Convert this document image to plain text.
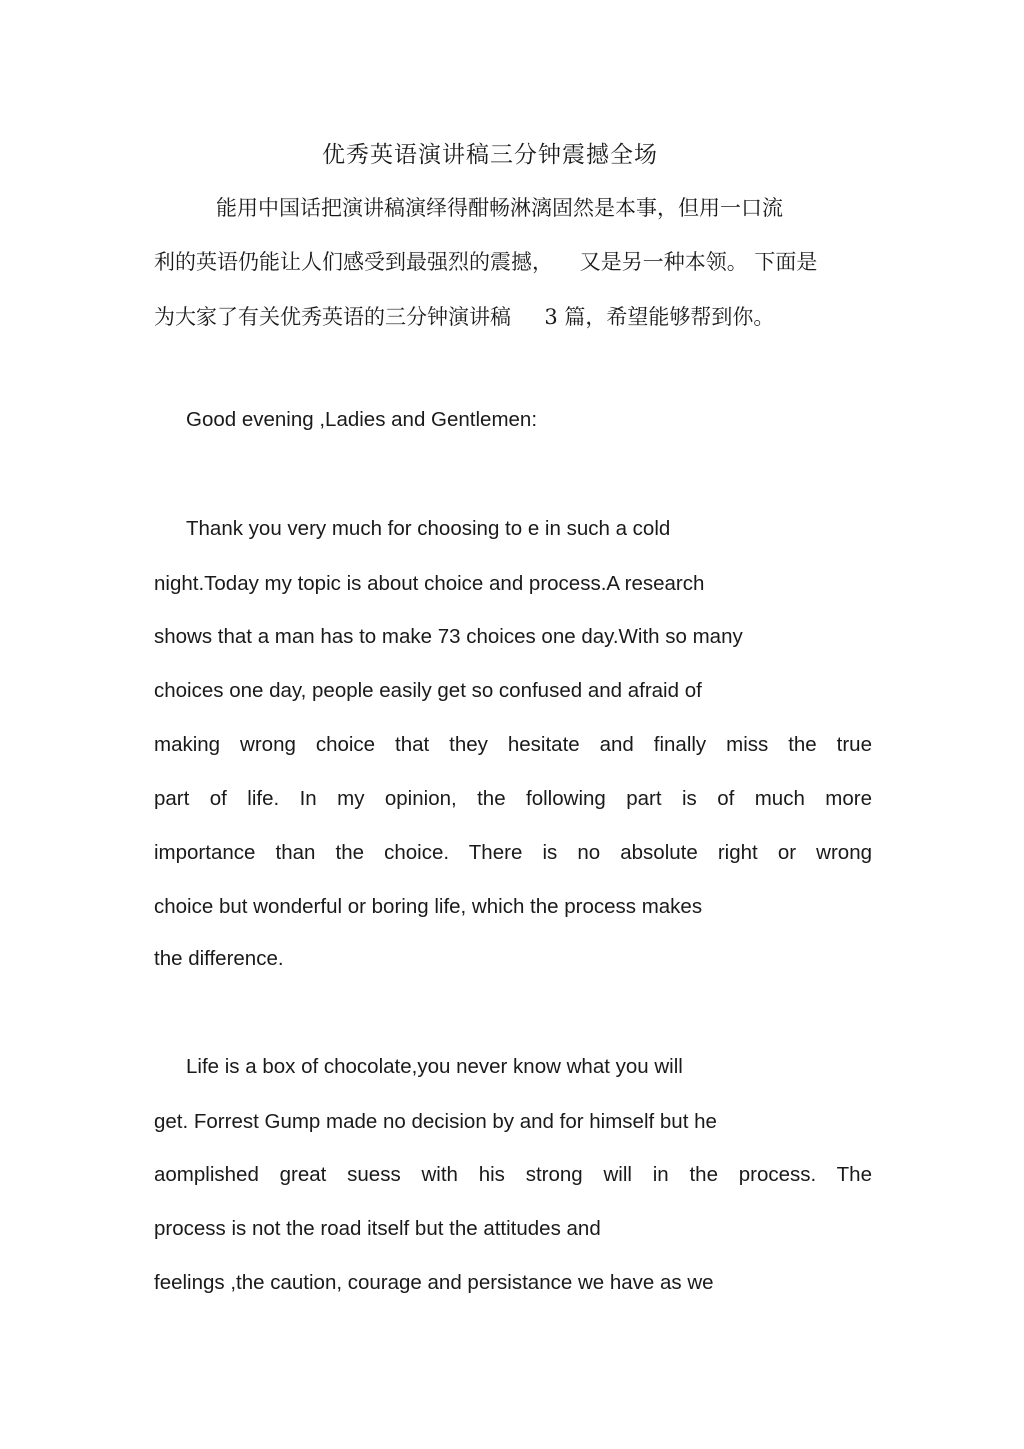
优秀英语演讲稿三分钟震撼全场
能用中国话把演讲稿演绎得酣畅淋漓固然是本事，但用一口流
利的英语仍能让人们感受到最强烈的震撼，    又是另一种本领。 下面是
为大家了有关优秀英语的三分钟演讲稿     3 篇，希望能够帮到你。
Good evening ,Ladies and Gentlemen:
Thank you very much for choosing to e in such a cold
night.Today my topic is about choice and process.A research
shows that a man has to make 73 choices one day.With so many
choices one day, people easily get so confused and afraid of
making wrong choice that they hesitate and finally miss the true
part of life. In my opinion, the following part is of much more
importance than the choice. There is no absolute right or wrong
choice but wonderful or boring life, which the process makes
the difference.
Life is a box of chocolate,you never know what you will
get. Forrest Gump made no decision by and for himself but he
aomplished great suess with his strong will in the process. The
process is not the road itself but the attitudes and
feelings ,the caution, courage and persistance we have as we
